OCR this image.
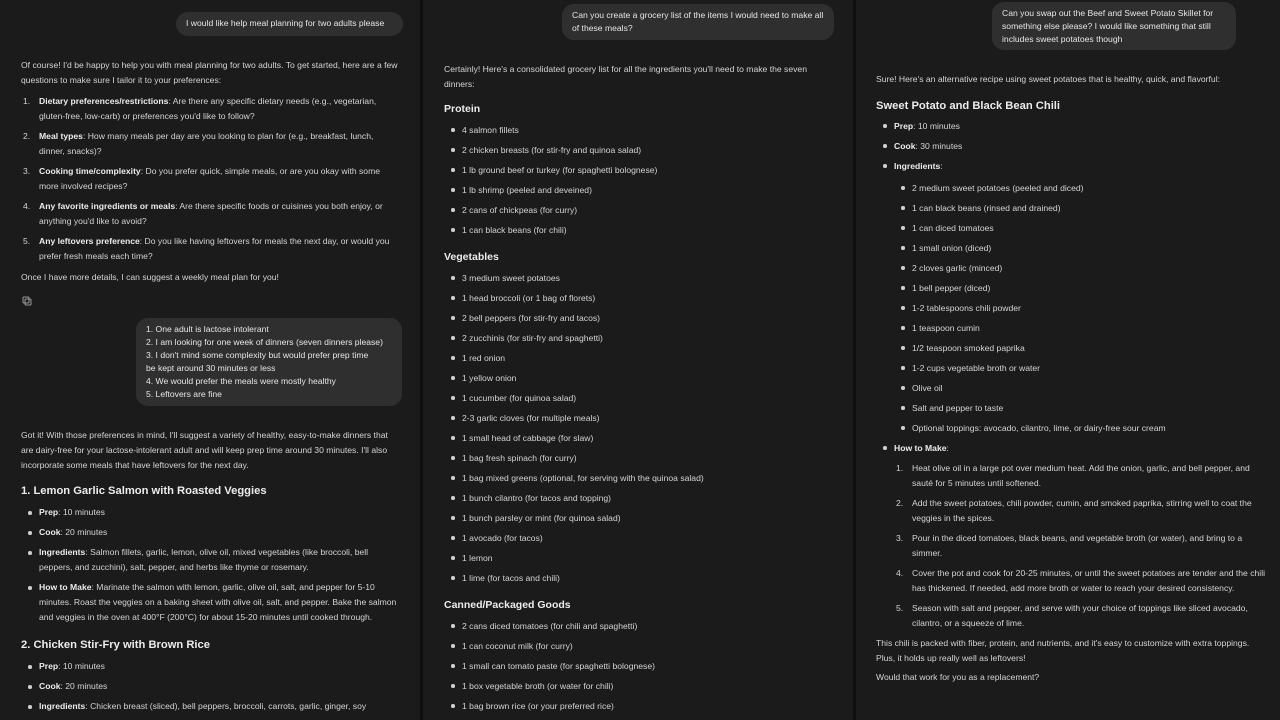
I would like help meal planning for two adults please

Of course! I'd be happy to help you with meal planning for two adults. To get started, here are a few questions to make sure I tailor it to your preferences:

1. Dietary preferences/restrictions: Are there any specific dietary needs (e.g., vegetarian, gluten-free, low-carb) or preferences you'd like to follow?
2. Meal types: How many meals per day are you looking to plan for (e.g., breakfast, lunch, dinner, snacks)?
3. Cooking time/complexity: Do you prefer quick, simple meals, or are you okay with some more involved recipes?
4. Any favorite ingredients or meals: Are there specific foods or cuisines you both enjoy, or anything you'd like to avoid?
5. Any leftovers preference: Do you like having leftovers for meals the next day, or would you prefer fresh meals each time?

Once I have more details, I can suggest a weekly meal plan for you!

1. One adult is lactose intolerant
2. I am looking for one week of dinners (seven dinners please)
3. I don't mind some complexity but would prefer prep time
be kept around 30 minutes or less
4. We would prefer the meals were mostly healthy
5. Leftovers are fine

Got it! With those preferences in mind, I'll suggest a variety of healthy, easy-to-make dinners that are dairy-free for your lactose-intolerant adult and will keep prep time around 30 minutes. I'll also incorporate some meals that have leftovers for the next day.

1. Lemon Garlic Salmon with Roasted Veggies
Prep: 10 minutes
Cook: 20 minutes
Ingredients: Salmon fillets, garlic, lemon, olive oil, mixed vegetables (like broccoli, bell peppers, and zucchini), salt, pepper, and herbs like thyme or rosemary.
How to Make: Marinate the salmon with lemon, garlic, olive oil, salt, and pepper for 5-10 minutes. Roast the veggies on a baking sheet with olive oil, salt, and pepper. Bake the salmon and veggies in the oven at 400°F (200°C) for about 15-20 minutes until cooked through.
2. Chicken Stir-Fry with Brown Rice
Prep: 10 minutes
Cook: 20 minutes
Ingredients: Chicken breast (sliced), bell peppers, broccoli, carrots, garlic, ginger, soy
Can you create a grocery list of the items I would need to make all of these meals?

Certainly! Here's a consolidated grocery list for all the ingredients you'll need to make the seven dinners:

Protein
4 salmon fillets
2 chicken breasts (for stir-fry and quinoa salad)
1 lb ground beef or turkey (for spaghetti bolognese)
1 lb shrimp (peeled and deveined)
2 cans of chickpeas (for curry)
1 can black beans (for chili)
Vegetables
3 medium sweet potatoes
1 head broccoli (or 1 bag of florets)
2 bell peppers (for stir-fry and tacos)
2 zucchinis (for stir-fry and spaghetti)
1 red onion
1 yellow onion
1 cucumber (for quinoa salad)
2-3 garlic cloves (for multiple meals)
1 small head of cabbage (for slaw)
1 bag fresh spinach (for curry)
1 bag mixed greens (optional, for serving with the quinoa salad)
1 bunch cilantro (for tacos and topping)
1 bunch parsley or mint (for quinoa salad)
1 avocado (for tacos)
1 lemon
1 lime (for tacos and chili)
Canned/Packaged Goods
2 cans diced tomatoes (for chili and spaghetti)
1 can coconut milk (for curry)
1 small can tomato paste (for spaghetti bolognese)
1 box vegetable broth (or water for chili)
1 bag brown rice (or your preferred rice)
Can you swap out the Beef and Sweet Potato Skillet for
something else please? I would like something that still
includes sweet potatoes though

Sure! Here's an alternative recipe using sweet potatoes that is healthy, quick, and flavorful:

Sweet Potato and Black Bean Chili
Prep: 10 minutes
Cook: 30 minutes
Ingredients:
2 medium sweet potatoes (peeled and diced)
1 can black beans (rinsed and drained)
1 can diced tomatoes
1 small onion (diced)
2 cloves garlic (minced)
1 bell pepper (diced)
1-2 tablespoons chili powder
1 teaspoon cumin
1/2 teaspoon smoked paprika
1-2 cups vegetable broth or water
Olive oil
Salt and pepper to taste
Optional toppings: avocado, cilantro, lime, or dairy-free sour cream
How to Make:
1. Heat olive oil in a large pot over medium heat. Add the onion, garlic, and bell pepper, and sauté for 5 minutes until softened.
2. Add the sweet potatoes, chili powder, cumin, and smoked paprika, stirring well to coat the veggies in the spices.
3. Pour in the diced tomatoes, black beans, and vegetable broth (or water), and bring to a simmer.
4. Cover the pot and cook for 20-25 minutes, or until the sweet potatoes are tender and the chili has thickened. If needed, add more broth or water to reach your desired consistency.
5. Season with salt and pepper, and serve with your choice of toppings like sliced avocado, cilantro, or a squeeze of lime.

This chili is packed with fiber, protein, and nutrients, and it's easy to customize with extra toppings. Plus, it holds up really well as leftovers!

Would that work for you as a replacement?
